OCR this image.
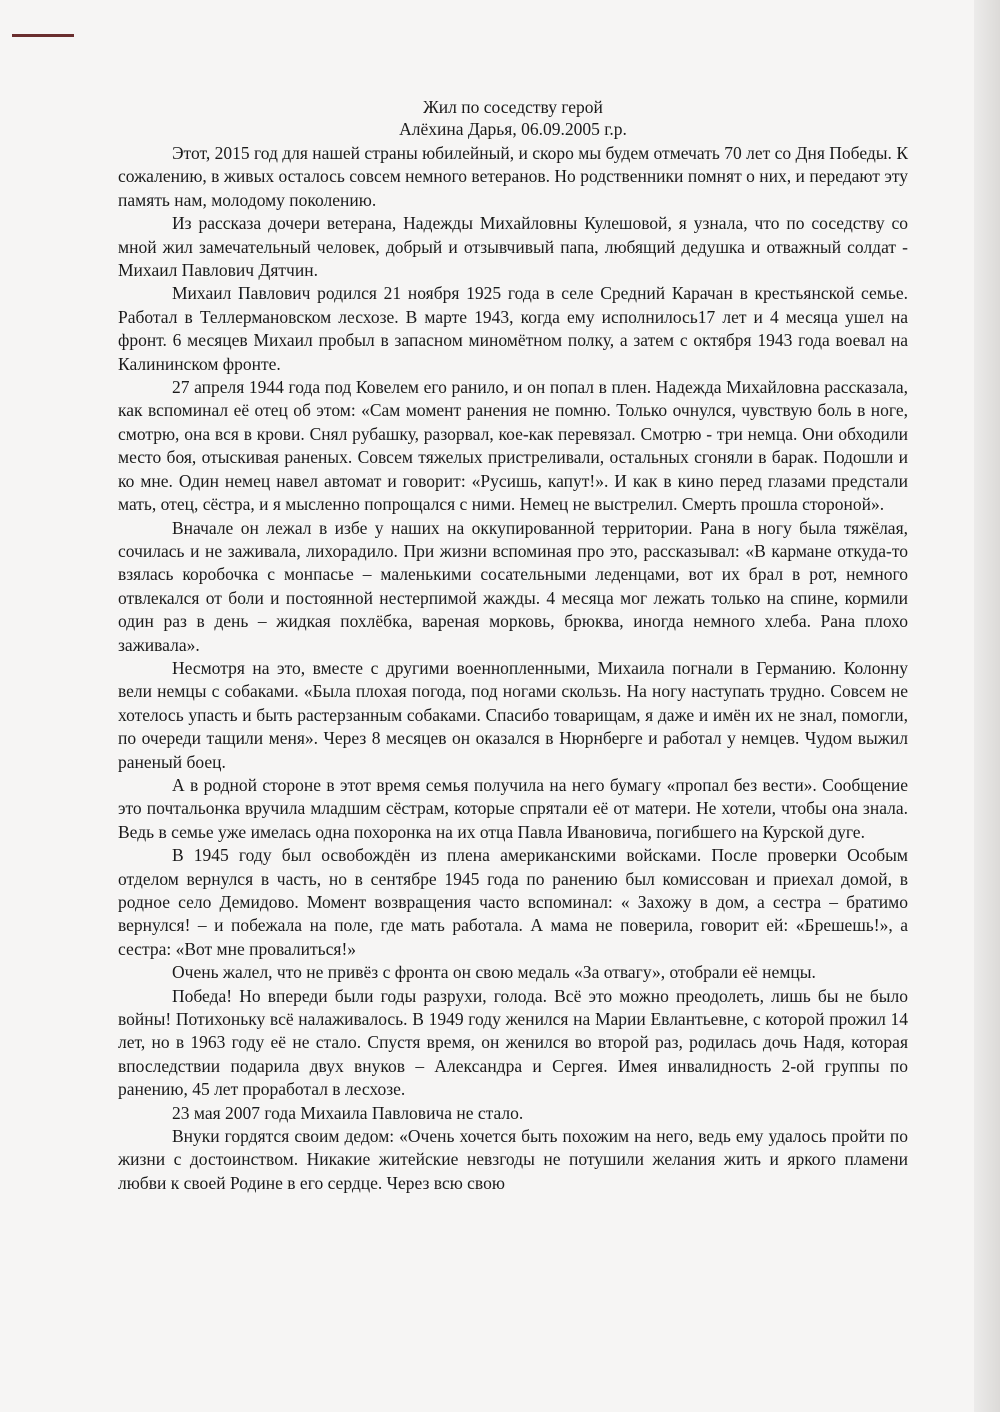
Жил по соседству герой

Алёхина Дарья, 06.09.2005 г.р.

Этот, 2015 год для нашей страны юбилейный, и скоро мы будем отмечать 70 лет со Дня Победы. К сожалению, в живых осталось совсем немного ветеранов. Но родственники помнят о них, и передают эту память нам, молодому поколению.

Из рассказа дочери ветерана, Надежды Михайловны Кулешовой, я узнала, что по соседству со мной жил замечательный человек, добрый и отзывчивый папа, любящий дедушка и отважный солдат - Михаил Павлович Дятчин.

Михаил Павлович родился 21 ноября 1925 года в селе Средний Карачан в крестьянской семье. Работал в Теллермановском лесхозе. В марте 1943, когда ему исполнилось17 лет и 4 месяца ушел на фронт. 6 месяцев Михаил пробыл в запасном миномётном полку, а затем с октября 1943 года воевал на Калининском фронте.

27 апреля 1944 года под Ковелем его ранило, и он попал в плен. Надежда Михайловна рассказала, как вспоминал её отец об этом: «Сам момент ранения не помню. Только очнулся, чувствую боль в ноге, смотрю, она вся в крови. Снял рубашку, разорвал, кое-как перевязал. Смотрю - три немца. Они обходили место боя, отыскивая раненых. Совсем тяжелых пристреливали, остальных сгоняли в барак. Подошли и ко мне. Один немец навел автомат и говорит: «Русишь, капут!». И как в кино перед глазами предстали мать, отец, сёстра, и я мысленно попрощался с ними. Немец не выстрелил. Смерть прошла стороной».

Вначале он лежал в избе у наших на оккупированной территории. Рана в ногу была тяжёлая, сочилась и не заживала, лихорадило. При жизни вспоминая про это, рассказывал: «В кармане откуда-то взялась коробочка с монпасье – маленькими сосательными леденцами, вот их брал в рот, немного отвлекался от боли и постоянной нестерпимой жажды. 4 месяца мог лежать только на спине, кормили один раз в день – жидкая похлёбка, вареная морковь, брюква, иногда немного хлеба. Рана плохо заживала».

Несмотря на это, вместе с другими военнопленными, Михаила погнали в Германию. Колонну вели немцы с собаками. «Была плохая погода, под ногами скользь. На ногу наступать трудно. Совсем не хотелось упасть и быть растерзанным собаками. Спасибо товарищам, я даже и имён их не знал, помогли, по очереди тащили меня». Через 8 месяцев он оказался в Нюрнберге и работал у немцев. Чудом выжил раненый боец.

А в родной стороне в этот время семья получила на него бумагу «пропал без вести». Сообщение это почтальонка вручила младшим сёстрам, которые спрятали её от матери. Не хотели, чтобы она знала. Ведь в семье уже имелась одна похоронка на их отца Павла Ивановича, погибшего на Курской дуге.

В 1945 году был освобождён из плена американскими войсками. После проверки Особым отделом вернулся в часть, но в сентябре 1945 года по ранению был комиссован и приехал домой, в родное село Демидово. Момент возвращения часто вспоминал: « Захожу в дом, а сестра – братимо вернулся! – и побежала на поле, где мать работала. А мама не поверила, говорит ей: «Брешешь!», а сестра: «Вот мне провалиться!»

Очень жалел, что не привёз с фронта он свою медаль «За отвагу», отобрали её немцы.

Победа! Но впереди были годы разрухи, голода. Всё это можно преодолеть, лишь бы не было войны! Потихоньку всё налаживалось. В 1949 году женился на Марии Евлантьевне, с которой прожил 14 лет, но в 1963 году её не стало. Спустя время, он женился во второй раз, родилась дочь Надя, которая впоследствии подарила двух внуков – Александра и Сергея. Имея инвалидность 2-ой группы по ранению, 45 лет проработал в лесхозе.

23 мая 2007 года Михаила Павловича не стало.

Внуки гордятся своим дедом: «Очень хочется быть похожим на него, ведь ему удалось пройти по жизни с достоинством. Никакие житейские невзгоды не потушили желания жить и яркого пламени любви к своей Родине в его сердце. Через всю свою
